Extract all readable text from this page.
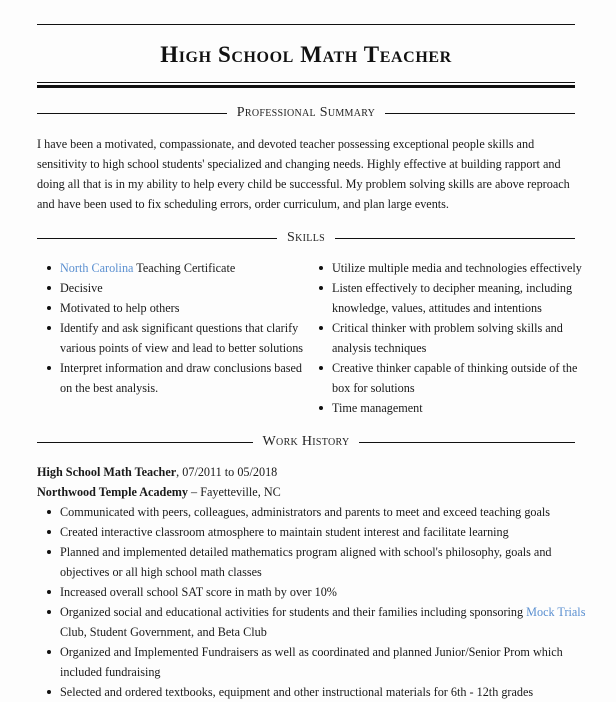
High School Math Teacher
Professional Summary

I have been a motivated, compassionate, and devoted teacher possessing exceptional people skills and sensitivity to high school students' specialized and changing needs. Highly effective at building rapport and doing all that is in my ability to help every child be successful. My problem solving skills are above reproach and have been used to fix scheduling errors, order curriculum, and plan large events.

Skills
North Carolina Teaching Certificate
Decisive
Motivated to help others
Identify and ask significant questions that clarify various points of view and lead to better solutions
Interpret information and draw conclusions based on the best analysis.
Utilize multiple media and technologies effectively
Listen effectively to decipher meaning, including knowledge, values, attitudes and intentions
Critical thinker with problem solving skills and analysis techniques
Creative thinker capable of thinking outside of the box for solutions
Time management
Work History
High School Math Teacher, 07/2011 to 05/2018
Northwood Temple Academy – Fayetteville, NC
Communicated with peers, colleagues, administrators and parents to meet and exceed teaching goals
Created interactive classroom atmosphere to maintain student interest and facilitate learning
Planned and implemented detailed mathematics program aligned with school's philosophy, goals and objectives or all high school math classes
Increased overall school SAT score in math by over 10%
Organized social and educational activities for students and their families including sponsoring Mock Trials Club, Student Government, and Beta Club
Organized and Implemented Fundraisers as well as coordinated and planned Junior/Senior Prom which included fundraising
Selected and ordered textbooks, equipment and other instructional materials for 6th - 12th grades
